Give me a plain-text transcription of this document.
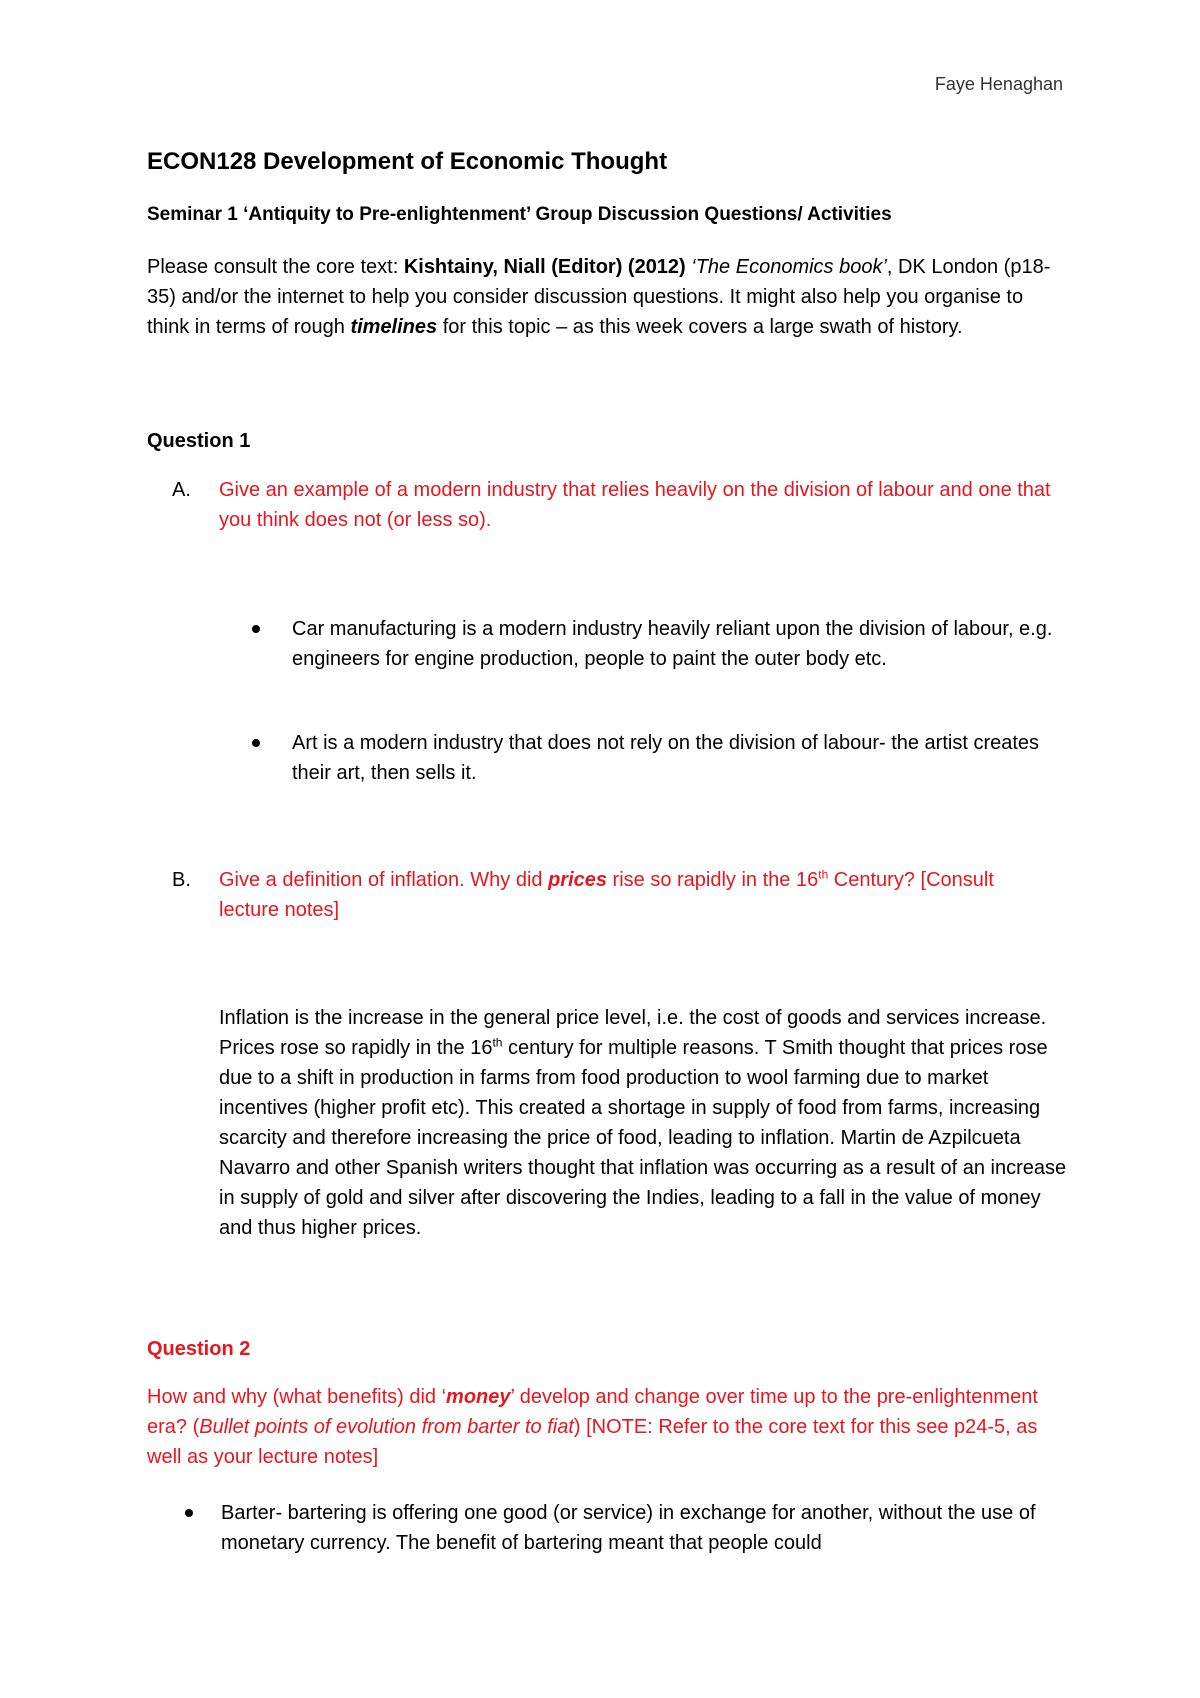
Faye Henaghan
ECON128 Development of Economic Thought
Seminar 1 ‘Antiquity to Pre-enlightenment’ Group Discussion Questions/ Activities
Please consult the core text: Kishtainy, Niall (Editor) (2012) ‘The Economics book’, DK London (p18-35) and/or the internet to help you consider discussion questions. It might also help you organise to think in terms of rough timelines for this topic – as this week covers a large swath of history.
Question 1
A. Give an example of a modern industry that relies heavily on the division of labour and one that you think does not (or less so).
Car manufacturing is a modern industry heavily reliant upon the division of labour, e.g. engineers for engine production, people to paint the outer body etc.
Art is a modern industry that does not rely on the division of labour- the artist creates their art, then sells it.
B. Give a definition of inflation. Why did prices rise so rapidly in the 16th Century? [Consult lecture notes]
Inflation is the increase in the general price level, i.e. the cost of goods and services increase. Prices rose so rapidly in the 16th century for multiple reasons. T Smith thought that prices rose due to a shift in production in farms from food production to wool farming due to market incentives (higher profit etc). This created a shortage in supply of food from farms, increasing scarcity and therefore increasing the price of food, leading to inflation. Martin de Azpilcueta Navarro and other Spanish writers thought that inflation was occurring as a result of an increase in supply of gold and silver after discovering the Indies, leading to a fall in the value of money and thus higher prices.
Question 2
How and why (what benefits) did ‘money’ develop and change over time up to the pre-enlightenment era? (Bullet points of evolution from barter to fiat) [NOTE: Refer to the core text for this see p24-5, as well as your lecture notes]
Barter- bartering is offering one good (or service) in exchange for another, without the use of monetary currency. The benefit of bartering meant that people could
